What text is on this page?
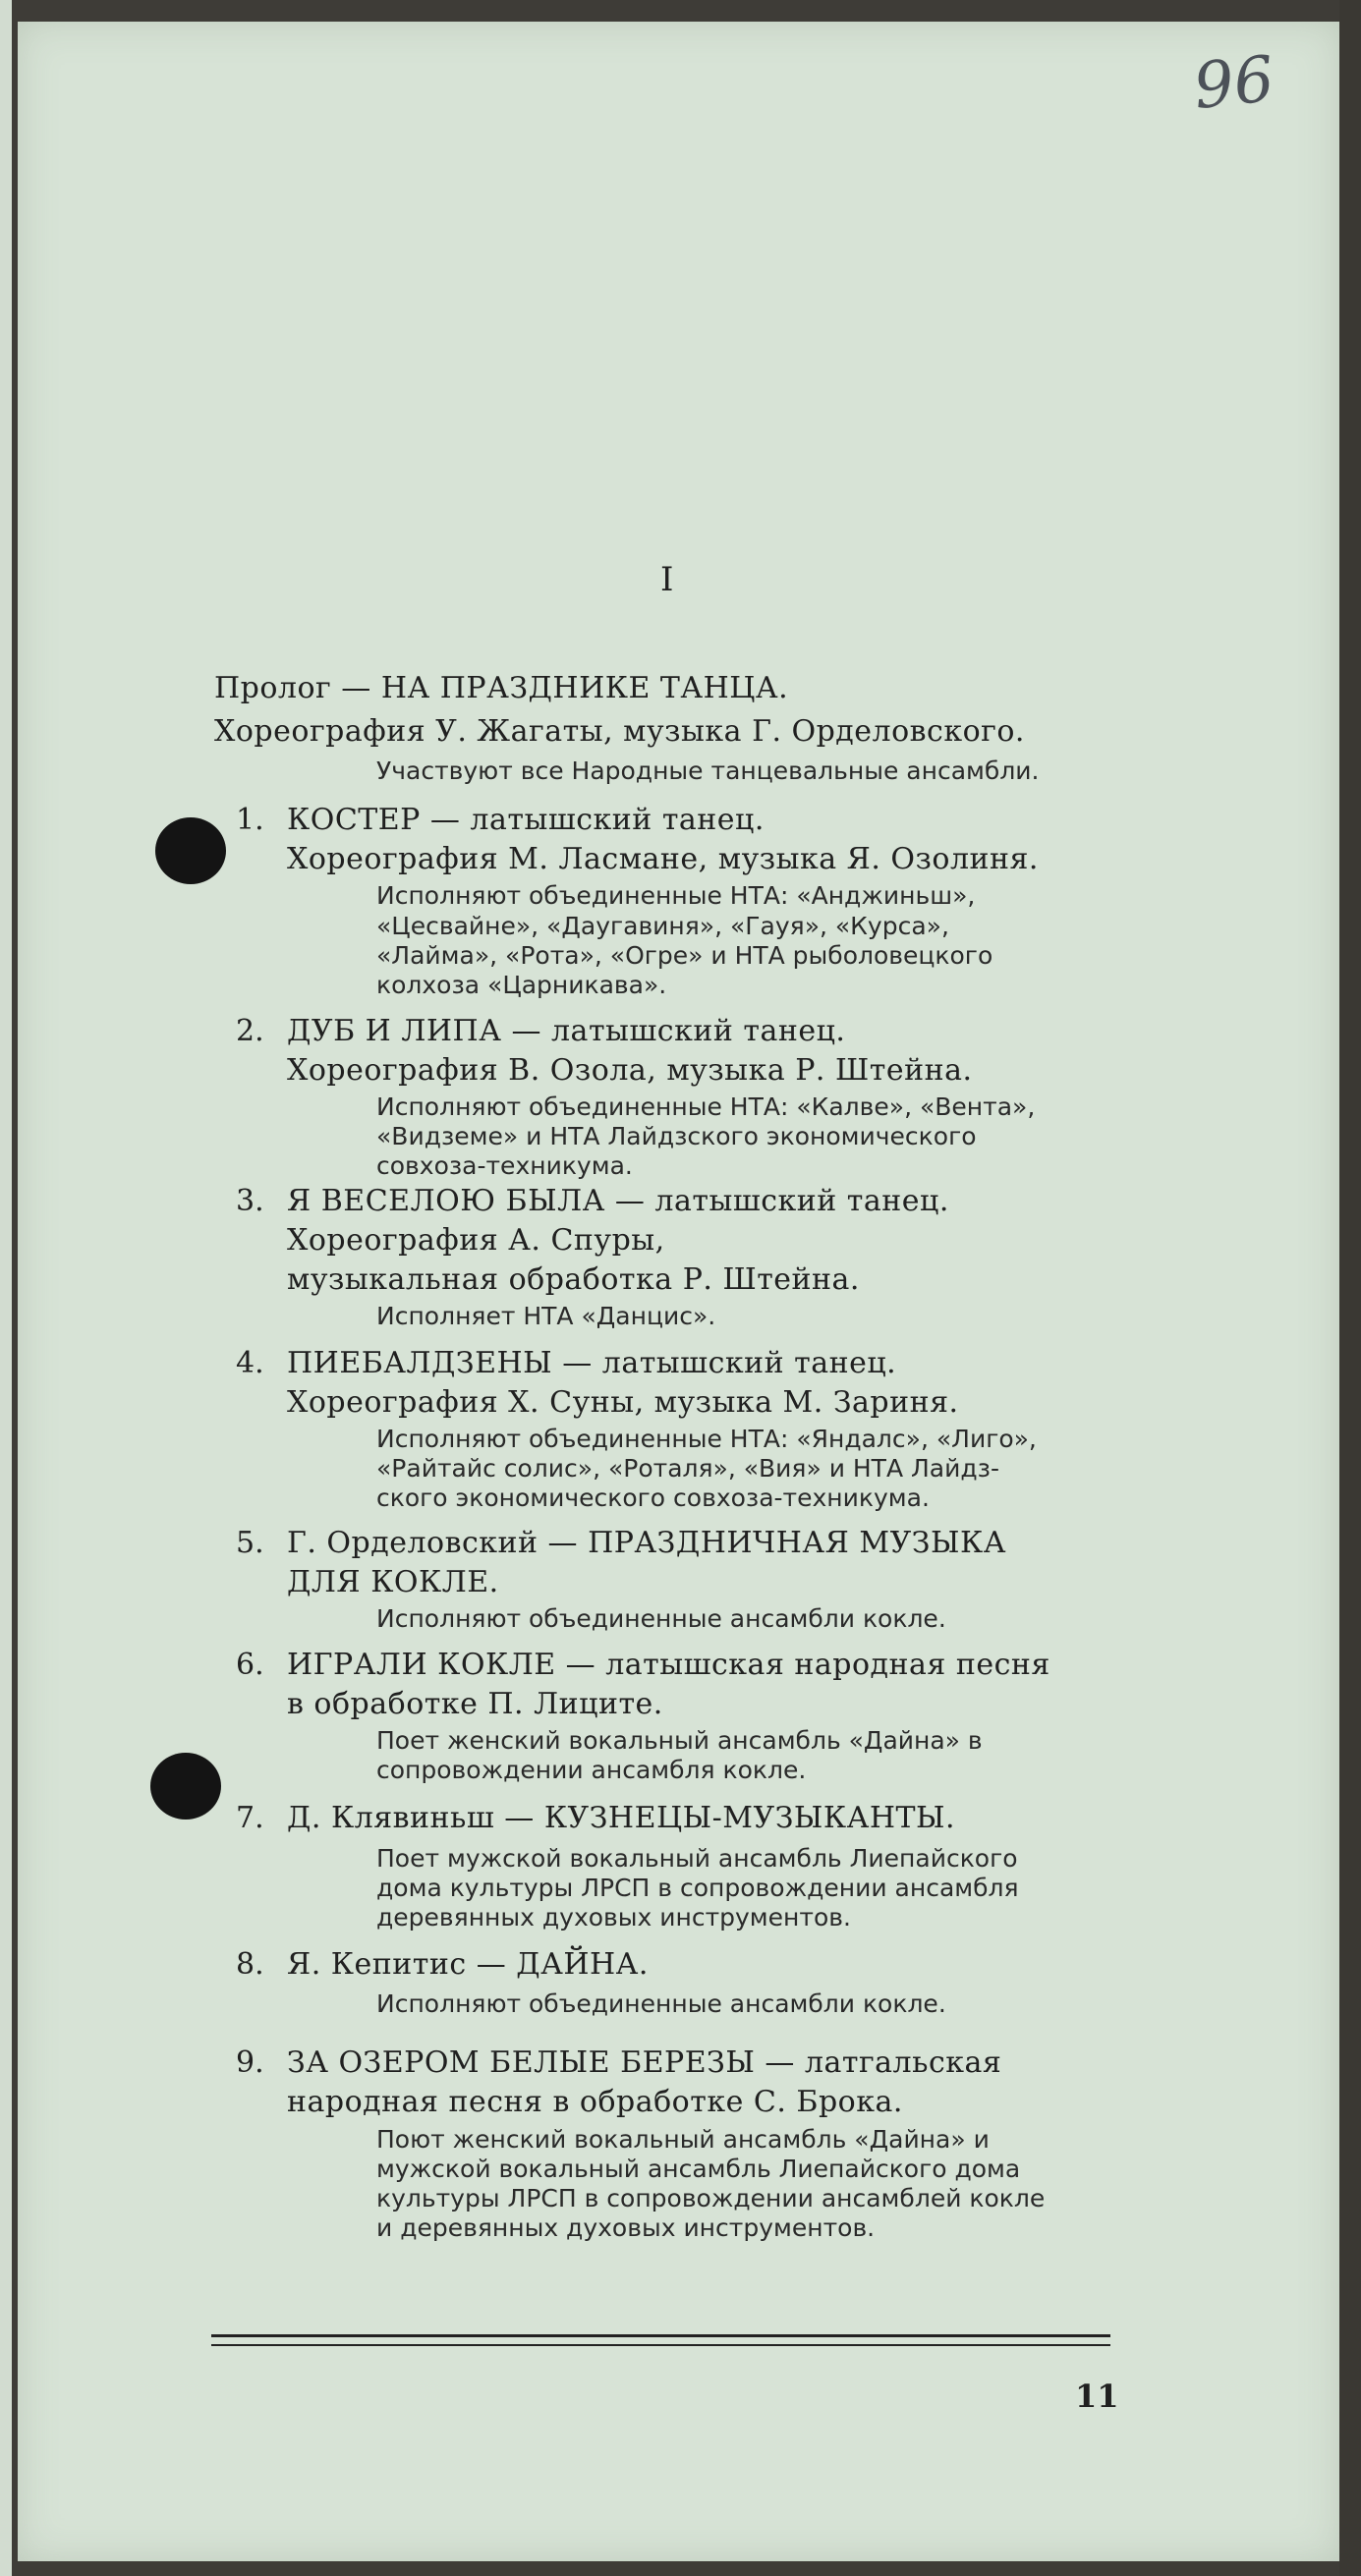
96
I
Пролог — НА ПРАЗДНИКЕ ТАНЦА.
Хореография У. Жагаты, музыка Г. Орделовского.
Участвуют все Народные танцевальные ансамбли.
1. КОСТЕР — латышский танец.
Хореография М. Ласмане, музыка Я. Озолиня.
Исполняют объединенные НТА: «Анджиньш»,
«Цесвайне», «Даугавиня», «Гауя», «Курса»,
«Лайма», «Рота», «Огре» и НТА рыболовецкого
колхоза «Царникава».
2. ДУБ И ЛИПА — латышский танец.
Хореография В. Озола, музыка Р. Штейна.
Исполняют объединенные НТА: «Калве», «Вента»,
«Видземе» и НТА Лайдзского экономического
совхоза-техникума.
3. Я ВЕСЕЛОЮ БЫЛА — латышский танец.
Хореография А. Спуры,
музыкальная обработка Р. Штейна.
Исполняет НТА «Данцис».
4. ПИЕБАЛДЗЕНЫ — латышский танец.
Хореография Х. Суны, музыка М. Зариня.
Исполняют объединенные НТА: «Яндалс», «Лиго»,
«Райтайс солис», «Роталя», «Вия» и НТА Лайдз-
ского экономического совхоза-техникума.
5. Г. Орделовский — ПРАЗДНИЧНАЯ МУЗЫКА
ДЛЯ КОКЛЕ.
Исполняют объединенные ансамбли кокле.
6. ИГРАЛИ КОКЛЕ — латышская народная песня
в обработке П. Лиците.
Поет женский вокальный ансамбль «Дайна» в
сопровождении ансамбля кокле.
7. Д. Клявиньш — КУЗНЕЦЫ-МУЗЫКАНТЫ.
Поет мужской вокальный ансамбль Лиепайского
дома культуры ЛРСП в сопровождении ансамбля
деревянных духовых инструментов.
8. Я. Кепитис — ДАЙНА.
Исполняют объединенные ансамбли кокле.
9. ЗА ОЗЕРОМ БЕЛЫЕ БЕРЕЗЫ — латгальская
народная песня в обработке С. Брока.
Поют женский вокальный ансамбль «Дайна» и
мужской вокальный ансамбль Лиепайского дома
культуры ЛРСП в сопровождении ансамблей кокле
и деревянных духовых инструментов.
11
